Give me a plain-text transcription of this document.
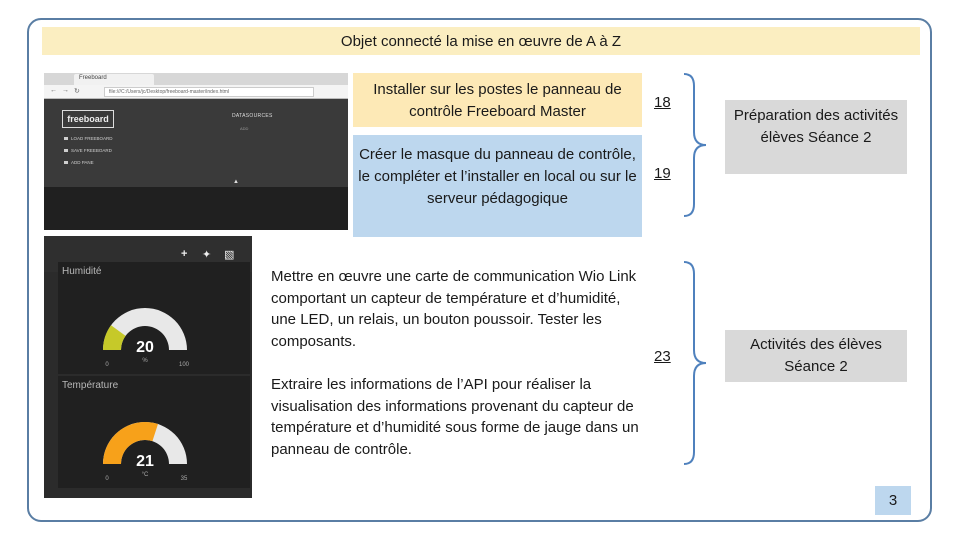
Objet connecté la mise en œuvre de A à Z
Freeboard
← → ↻	file:///C:/Users/jc/Desktop/freeboard-master/index.html
freeboard
LOAD FREEBOARD
SAVE FREEBOARD
ADD PANE
DATASOURCES
ADD
▲
+ ✦ ▧
Humidité
20
%
0	100
Température
21
°C
0	35
Installer sur les postes le panneau de contrôle Freeboard Master
Créer le masque du panneau de contrôle, le compléter et l’installer en local ou sur le serveur pédagogique
Mettre en œuvre une carte de communication Wio Link comportant un capteur de température et d’humidité, une LED, un relais, un bouton poussoir. Tester les composants.
Extraire les informations de l’API pour réaliser la visualisation des informations provenant du capteur de température et d’humidité sous forme de jauge dans un panneau de contrôle.
18
19
23
Préparation des activités élèves Séance 2
Activités des élèves Séance 2
3
